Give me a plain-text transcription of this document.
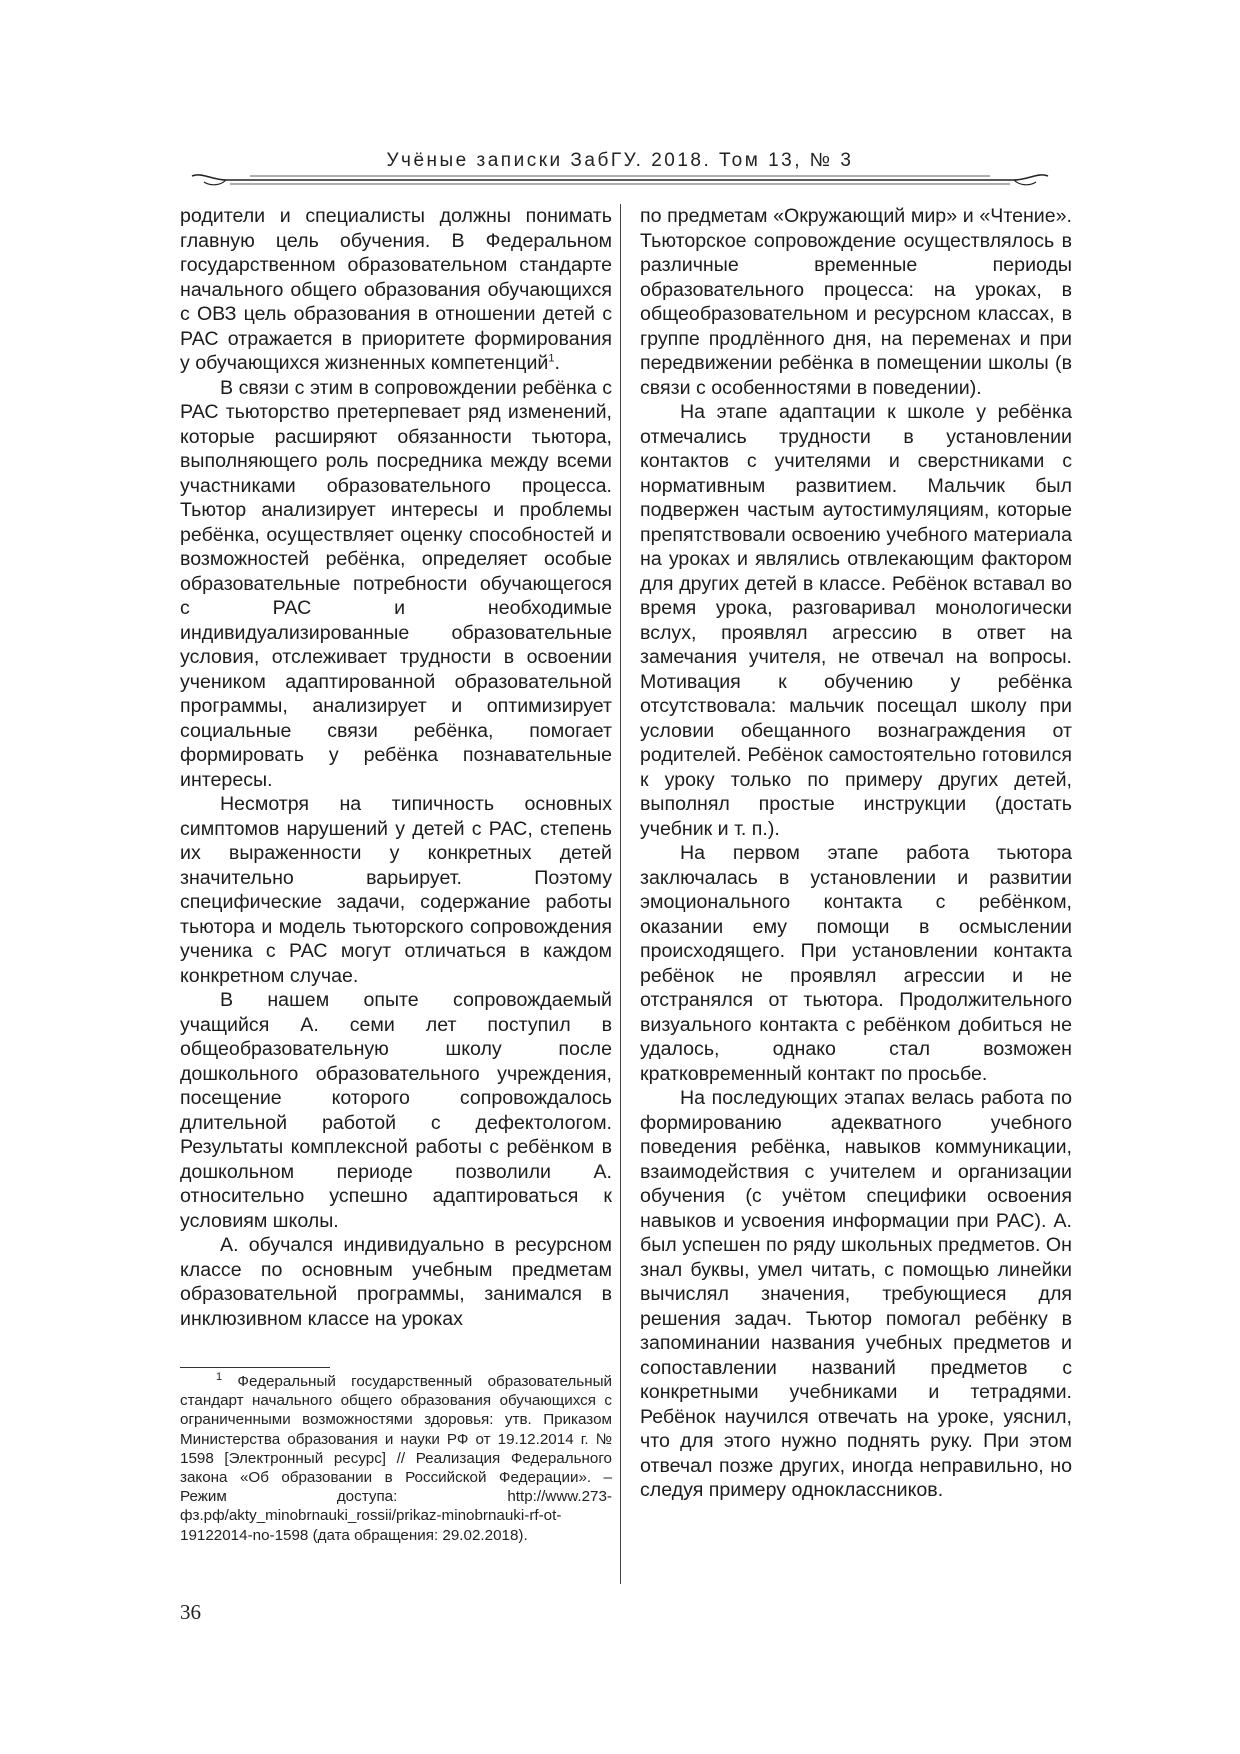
Учёные записки ЗабГУ. 2018. Том 13, № 3

родители и специалисты должны понимать главную цель обучения. В Федеральном государственном образовательном стандарте начального общего образования обучающихся с ОВЗ цель образования в отношении детей с РАС отражается в приоритете формирования у обучающихся жизненных компетенций$^1$.

В связи с этим в сопровождении ребёнка с РАС тьюторство претерпевает ряд изменений, которые расширяют обязанности тьютора, выполняющего роль посредника между всеми участниками образовательного процесса. Тьютор анализирует интересы и проблемы ребёнка, осуществляет оценку способностей и возможностей ребёнка, определяет особые образовательные потребности обучающегося с РАС и необходимые индивидуализированные образовательные условия, отслеживает трудности в освоении учеником адаптированной образовательной программы, анализирует и оптимизирует социальные связи ребёнка, помогает формировать у ребёнка познавательные интересы.

Несмотря на типичность основных симптомов нарушений у детей с РАС, степень их выраженности у конкретных детей значительно варьирует. Поэтому специфические задачи, содержание работы тьютора и модель тьюторского сопровождения ученика с РАС могут отличаться в каждом конкретном случае.

В нашем опыте сопровождаемый учащийся А. семи лет поступил в общеобразовательную школу после дошкольного образовательного учреждения, посещение которого сопровождалось длительной работой с дефектологом. Результаты комплексной работы с ребёнком в дошкольном периоде позволили А. относительно успешно адаптироваться к условиям школы.

А. обучался индивидуально в ресурсном классе по основным учебным предметам образовательной программы, занимался в инклюзивном классе на уроках

$^1$ Федеральный государственный образовательный стандарт начального общего образования обучающихся с ограниченными возможностями здоровья: утв. Приказом Министерства образования и науки РФ от 19.12.2014 г. № 1598 [Электронный ресурс] // Реализация Федерального закона «Об образовании в Российской Федерации». – Режим доступа: http://www.273-фз.рф/akty_minobrnauki_rossii/prikaz-minobrnauki-rf-ot-19122014-no-1598 (дата обращения: 29.02.2018).

по предметам «Окружающий мир» и «Чтение». Тьюторское сопровождение осуществлялось в различные временные периоды образовательного процесса: на уроках, в общеобразовательном и ресурсном классах, в группе продлённого дня, на переменах и при передвижении ребёнка в помещении школы (в связи с особенностями в поведении).

На этапе адаптации к школе у ребёнка отмечались трудности в установлении контактов с учителями и сверстниками с нормативным развитием. Мальчик был подвержен частым аутостимуляциям, которые препятствовали освоению учебного материала на уроках и являлись отвлекающим фактором для других детей в классе. Ребёнок вставал во время урока, разговаривал монологически вслух, проявлял агрессию в ответ на замечания учителя, не отвечал на вопросы. Мотивация к обучению у ребёнка отсутствовала: мальчик посещал школу при условии обещанного вознаграждения от родителей. Ребёнок самостоятельно готовился к уроку только по примеру других детей, выполнял простые инструкции (достать учебник и т. п.).

На первом этапе работа тьютора заключалась в установлении и развитии эмоционального контакта с ребёнком, оказании ему помощи в осмыслении происходящего. При установлении контакта ребёнок не проявлял агрессии и не отстранялся от тьютора. Продолжительного визуального контакта с ребёнком добиться не удалось, однако стал возможен кратковременный контакт по просьбе.

На последующих этапах велась работа по формированию адекватного учебного поведения ребёнка, навыков коммуникации, взаимодействия с учителем и организации обучения (с учётом специфики освоения навыков и усвоения информации при РАС). А. был успешен по ряду школьных предметов. Он знал буквы, умел читать, с помощью линейки вычислял значения, требующиеся для решения задач. Тьютор помогал ребёнку в запоминании названия учебных предметов и сопоставлении названий предметов с конкретными учебниками и тетрадями. Ребёнок научился отвечать на уроке, уяснил, что для этого нужно поднять руку. При этом отвечал позже других, иногда неправильно, но следуя примеру одноклассников.

36
